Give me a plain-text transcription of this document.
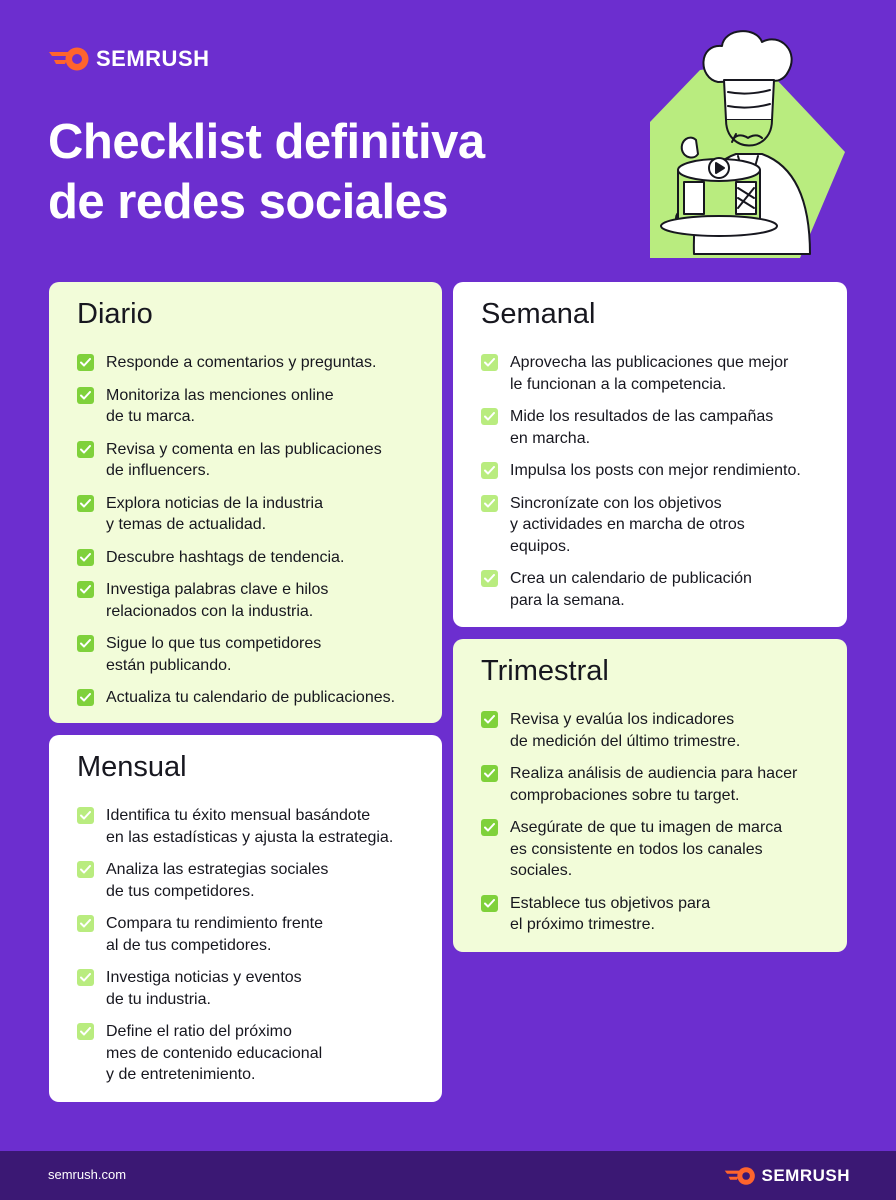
SEMRUSH
Checklist definitiva
de redes sociales
Diario
Responde a comentarios y preguntas.
Monitoriza las menciones online
de tu marca.
Revisa y comenta en las publicaciones
de influencers.
Explora noticias de la industria
y temas de actualidad.
Descubre hashtags de tendencia.
Investiga palabras clave e hilos
relacionados con la industria.
Sigue lo que tus competidores
están publicando.
Actualiza tu calendario de publicaciones.
Semanal
Aprovecha las publicaciones que mejor
le funcionan a la competencia.
Mide los resultados de las campañas
en marcha.
Impulsa los posts con mejor rendimiento.
Sincronízate con los objetivos
y actividades en marcha de otros
equipos.
Crea un calendario de publicación
para la semana.
Mensual
Identifica tu éxito mensual basándote
en las estadísticas y ajusta la estrategia.
Analiza las estrategias sociales
de tus competidores.
Compara tu rendimiento frente
al de tus competidores.
Investiga noticias y eventos
de tu industria.
Define el ratio del próximo
mes de contenido educacional
y de entretenimiento.
Trimestral
Revisa y evalúa los indicadores
de medición del último trimestre.
Realiza análisis de audiencia para hacer
comprobaciones sobre tu target.
Asegúrate de que tu imagen de marca
es consistente en todos los canales
sociales.
Establece tus objetivos para
el próximo trimestre.
semrush.com	SEMRUSH
